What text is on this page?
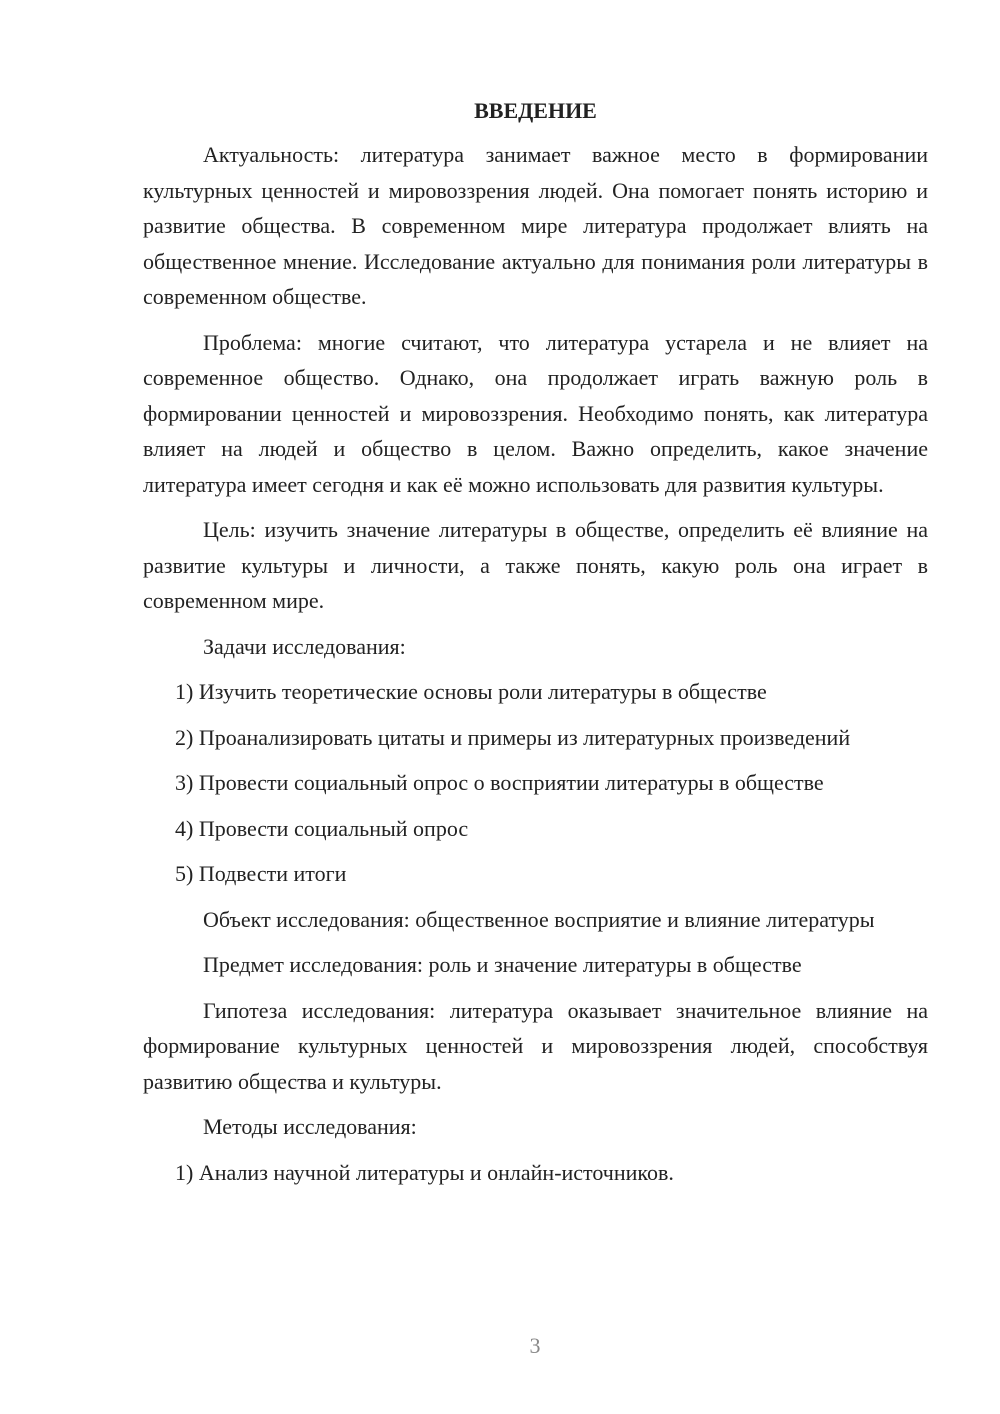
ВВЕДЕНИЕ

Актуальность: литература занимает важное место в формировании культурных ценностей и мировоззрения людей. Она помогает понять историю и развитие общества. В современном мире литература продолжает влиять на общественное мнение. Исследование актуально для понимания роли литературы в современном обществе.

Проблема: многие считают, что литература устарела и не влияет на современное общество. Однако, она продолжает играть важную роль в формировании ценностей и мировоззрения. Необходимо понять, как литература влияет на людей и общество в целом. Важно определить, какое значение литература имеет сегодня и как её можно использовать для развития культуры.

Цель: изучить значение литературы в обществе, определить её влияние на развитие культуры и личности, а также понять, какую роль она играет в современном мире.

Задачи исследования:

1) Изучить теоретические основы роли литературы в обществе

2) Проанализировать цитаты и примеры из литературных произведений

3) Провести социальный опрос о восприятии литературы в обществе

4) Провести социальный опрос

5) Подвести итоги

Объект исследования: общественное восприятие и влияние литературы

Предмет исследования: роль и значение литературы в обществе

Гипотеза исследования: литература оказывает значительное влияние на формирование культурных ценностей и мировоззрения людей, способствуя развитию общества и культуры.

Методы исследования:

1) Анализ научной литературы и онлайн-источников.

3
